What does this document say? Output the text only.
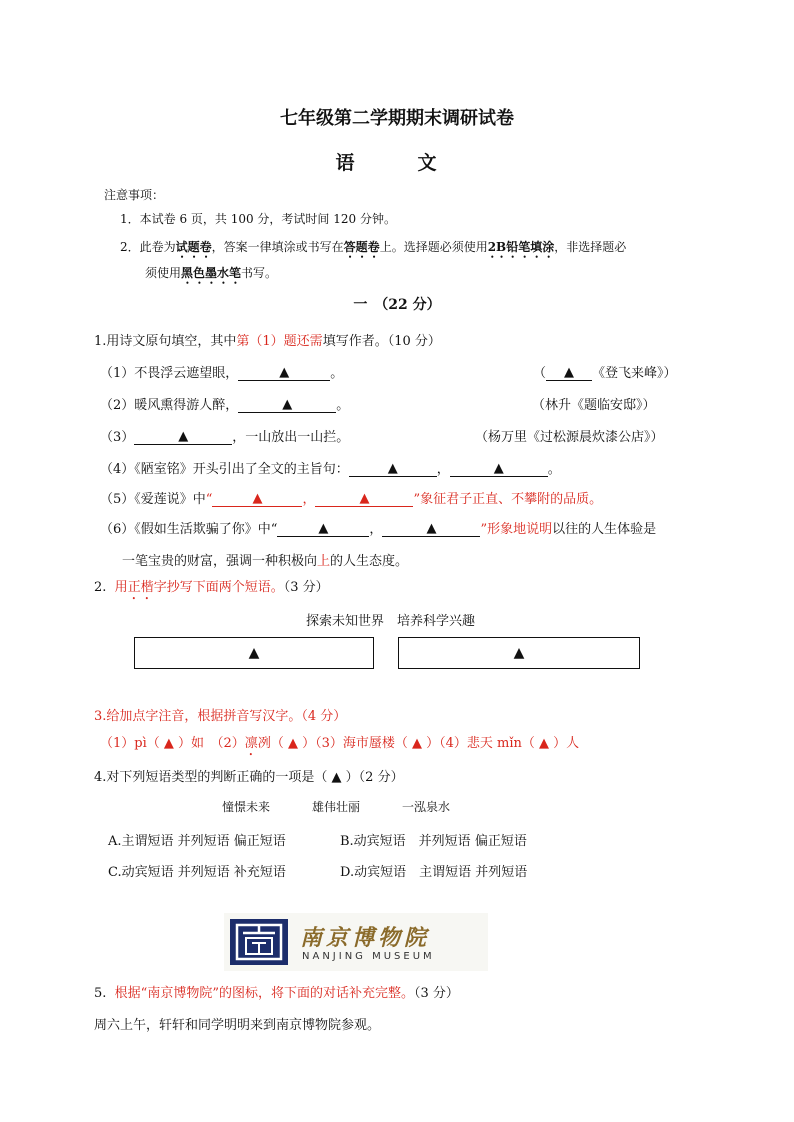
七年级第二学期期末调研试卷
语　文
注意事项：
1．本试卷 6 页，共 100 分，考试时间 120 分钟。
2．此卷为试题卷，答案一律填涂或书写在答题卷上。选择题必须使用2B铅笔填涂，非选择题必
须使用黑色墨水笔书写。
一　（22 分）
1.用诗文原句填空，其中第（1）题还需填写作者。（10 分）
（1）不畏浮云遮望眼，	▲	。	（ ▲ 《登飞来峰》）
（2）暖风熏得游人醉，	▲	。	（林升《题临安邸》）
（3）	▲	，一山放出一山拦。	（杨万里《过松源晨炊漆公店》）
（4）《陋室铭》开头引出了全文的主旨句：	▲	，	▲	。
（5）《爱莲说》中“	▲	，	▲	”象征君子正直、不攀附的品质。
（6）《假如生活欺骗了你》中“	▲	，	▲	”形象地说明以往的人生体验是
一笔宝贵的财富，强调一种积极向上的人生态度。
2. 用正楷字抄写下面两个短语。（3 分）
探索未知世界　培养科学兴趣
▲	▲
3.给加点字注音，根据拼音写汉字。（4 分）
（1）pì（ ▲ ）如　（2）凛冽（ ▲ ）（3）海市蜃楼（ ▲ ）（4）悲天 mǐn（ ▲ ）人
4.对下列短语类型的判断正确的一项是（ ▲ ）（2 分）
憧憬未来	雄伟壮丽	一泓泉水
A.主谓短语 并列短语 偏正短语	B.动宾短语　并列短语 偏正短语
C.动宾短语 并列短语 补充短语	D.动宾短语　主谓短语 并列短语
南京博物院
NANJING MUSEUM
5. 根据“南京博物院”的图标，将下面的对话补充完整。（3 分）
周六上午，轩轩和同学明明来到南京博物院参观。
